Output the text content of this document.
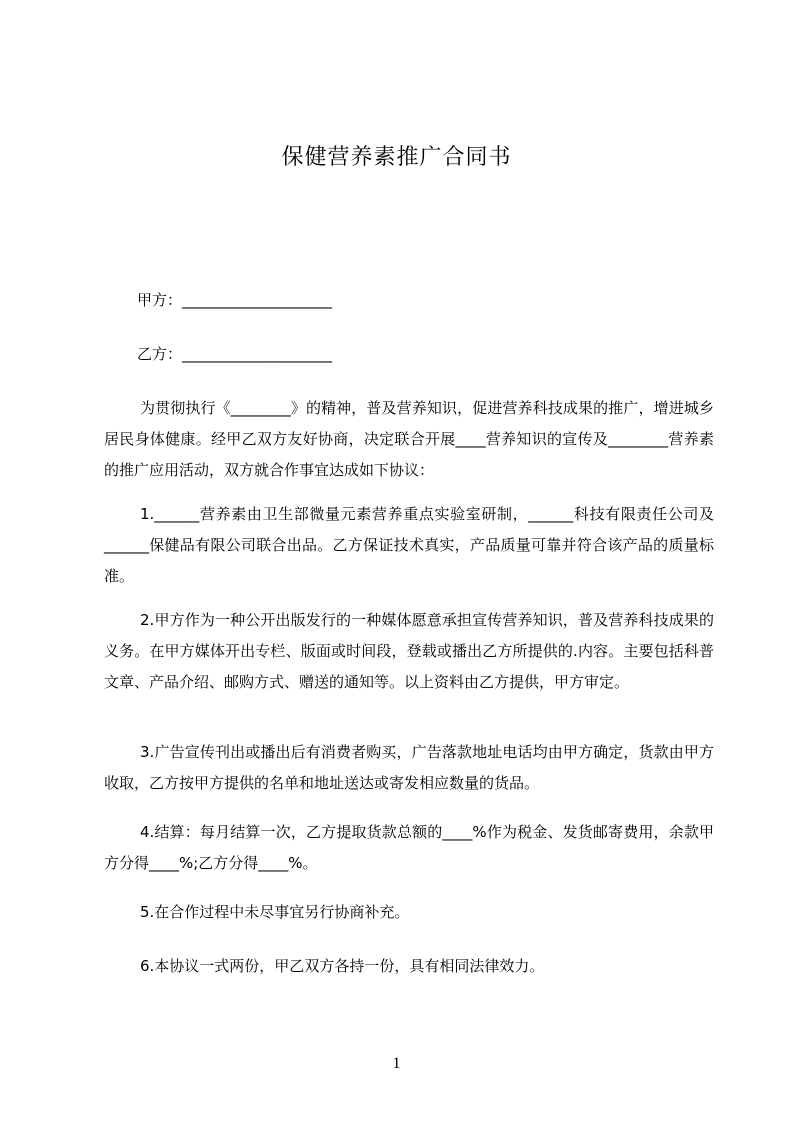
保健营养素推广合同书
甲方：____________________
乙方：____________________
为贯彻执行《________》的精神，普及营养知识，促进营养科技成果的推广，增进城乡居民身体健康。经甲乙双方友好协商，决定联合开展____营养知识的宣传及________营养素的推广应用活动，双方就合作事宜达成如下协议：
1.______营养素由卫生部微量元素营养重点实验室研制，______科技有限责任公司及______保健品有限公司联合出品。乙方保证技术真实，产品质量可靠并符合该产品的质量标准。
2.甲方作为一种公开出版发行的一种媒体愿意承担宣传营养知识，普及营养科技成果的义务。在甲方媒体开出专栏、版面或时间段，登载或播出乙方所提供的.内容。主要包括科普文章、产品介绍、邮购方式、赠送的通知等。以上资料由乙方提供，甲方审定。
3.广告宣传刊出或播出后有消费者购买，广告落款地址电话均由甲方确定，货款由甲方收取，乙方按甲方提供的名单和地址送达或寄发相应数量的货品。
4.结算：每月结算一次，乙方提取货款总额的____%作为税金、发货邮寄费用，余款甲方分得____%;乙方分得____%。
5.在合作过程中未尽事宜另行协商补充。
6.本协议一式两份，甲乙双方各持一份，具有相同法律效力。
1
